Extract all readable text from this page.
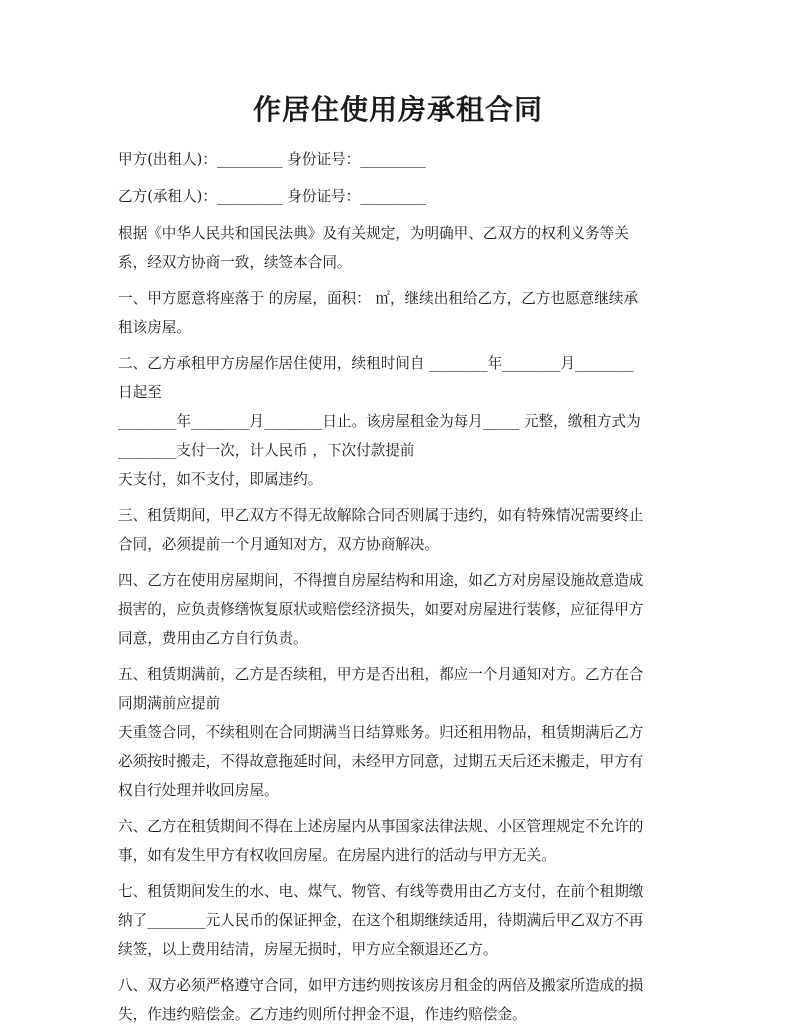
作居住使用房承租合同

甲方(出租人)：_________ 身份证号：_________

乙方(承租人)：_________ 身份证号：_________

根据《中华人民共和国民法典》及有关规定，为明确甲、乙双方的权利义务等关
系，经双方协商一致，续签本合同。

一、甲方愿意将座落于 的房屋，面积： ㎡，继续出租给乙方，乙方也愿意继续承
租该房屋。

二、乙方承租甲方房屋作居住使用，续租时间自 ________年________月________
日起至
________年________月________日止。该房屋租金为每月_____ 元整，缴租方式为
________支付一次，计人民币 ，下次付款提前
天支付，如不支付，即属违约。

三、租赁期间，甲乙双方不得无故解除合同否则属于违约，如有特殊情况需要终止
合同，必须提前一个月通知对方，双方协商解决。

四、乙方在使用房屋期间，不得擅自房屋结构和用途，如乙方对房屋设施故意造成
损害的，应负责修缮恢复原状或赔偿经济损失，如要对房屋进行装修，应征得甲方
同意，费用由乙方自行负责。

五、租赁期满前，乙方是否续租，甲方是否出租，都应一个月通知对方。乙方在合
同期满前应提前
天重签合同，不续租则在合同期满当日结算账务。归还租用物品，租赁期满后乙方
必须按时搬走，不得故意拖延时间，未经甲方同意，过期五天后还未搬走，甲方有
权自行处理并收回房屋。

六、乙方在租赁期间不得在上述房屋内从事国家法律法规、小区管理规定不允许的
事，如有发生甲方有权收回房屋。在房屋内进行的活动与甲方无关。

七、租赁期间发生的水、电、煤气、物管、有线等费用由乙方支付，在前个租期缴
纳了________元人民币的保证押金，在这个租期继续适用，待期满后甲乙双方不再
续签，以上费用结清，房屋无损时，甲方应全额退还乙方。

八、双方必须严格遵守合同，如甲方违约则按该房月租金的两倍及搬家所造成的损
失，作违约赔偿金。乙方违约则所付押金不退，作违约赔偿金。
